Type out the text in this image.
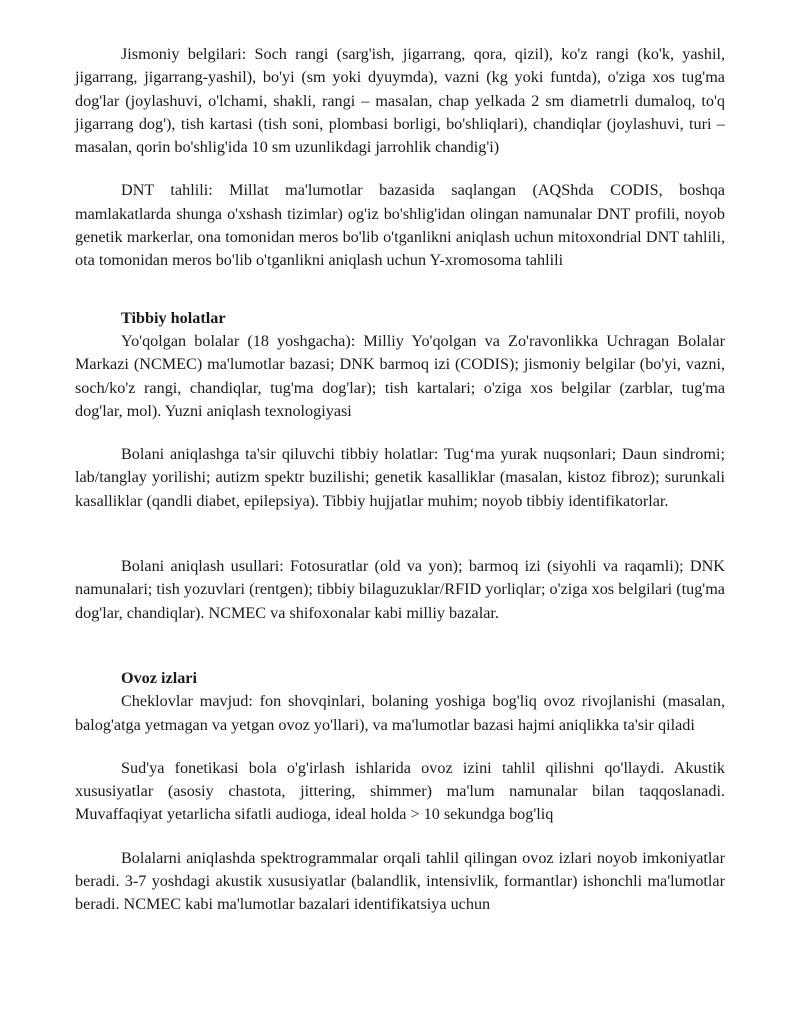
Jismoniy belgilari: Soch rangi (sarg'ish, jigarrang, qora, qizil), ko'z rangi (ko'k, yashil, jigarrang, jigarrang-yashil), bo'yi (sm yoki dyuymda), vazni (kg yoki funtda), o'ziga xos tug'ma dog'lar (joylashuvi, o'lchami, shakli, rangi – masalan, chap yelkada 2 sm diametrli dumaloq, to'q jigarrang dog'), tish kartasi (tish soni, plombasi borligi, bo'shliqlari), chandiqlar (joylashuvi, turi – masalan, qorin bo'shlig'ida 10 sm uzunlikdagi jarrohlik chandig'i)

DNT tahlili: Millat ma'lumotlar bazasida saqlangan (AQShda CODIS, boshqa mamlakatlarda shunga o'xshash tizimlar) og'iz bo'shlig'idan olingan namunalar DNT profili, noyob genetik markerlar, ona tomonidan meros bo'lib o'tganlikni aniqlash uchun mitoxondrial DNT tahlili, ota tomonidan meros bo'lib o'tganlikni aniqlash uchun Y-xromosoma tahlili

Tibbiy holatlar

Yo'qolgan bolalar (18 yoshgacha): Milliy Yo'qolgan va Zo'ravonlikka Uchragan Bolalar Markazi (NCMEC) ma'lumotlar bazasi; DNK barmoq izi (CODIS); jismoniy belgilar (bo'yi, vazni, soch/ko'z rangi, chandiqlar, tug'ma dog'lar); tish kartalari; o'ziga xos belgilar (zarblar, tug'ma dog'lar, mol). Yuzni aniqlash texnologiyasi

Bolani aniqlashga ta'sir qiluvchi tibbiy holatlar: Tug‘ma yurak nuqsonlari; Daun sindromi; lab/tanglay yorilishi; autizm spektr buzilishi; genetik kasalliklar (masalan, kistoz fibroz); surunkali kasalliklar (qandli diabet, epilepsiya). Tibbiy hujjatlar muhim; noyob tibbiy identifikatorlar.

Bolani aniqlash usullari: Fotosuratlar (old va yon); barmoq izi (siyohli va raqamli); DNK namunalari; tish yozuvlari (rentgen); tibbiy bilaguzuklar/RFID yorliqlar; o'ziga xos belgilari (tug'ma dog'lar, chandiqlar). NCMEC va shifoxonalar kabi milliy bazalar.

Ovoz izlari

Cheklovlar mavjud: fon shovqinlari, bolaning yoshiga bog'liq ovoz rivojlanishi (masalan, balog'atga yetmagan va yetgan ovoz yo'llari), va ma'lumotlar bazasi hajmi aniqlikka ta'sir qiladi

Sud'ya fonetikasi bola o'g'irlash ishlarida ovoz izini tahlil qilishni qo'llaydi. Akustik xususiyatlar (asosiy chastota, jittering, shimmer) ma'lum namunalar bilan taqqoslanadi. Muvaffaqiyat yetarlicha sifatli audioga, ideal holda > 10 sekundga bog'liq

Bolalarni aniqlashda spektrogrammalar orqali tahlil qilingan ovoz izlari noyob imkoniyatlar beradi. 3-7 yoshdagi akustik xususiyatlar (balandlik, intensivlik, formantlar) ishonchli ma'lumotlar beradi. NCMEC kabi ma'lumotlar bazalari identifikatsiya uchun
